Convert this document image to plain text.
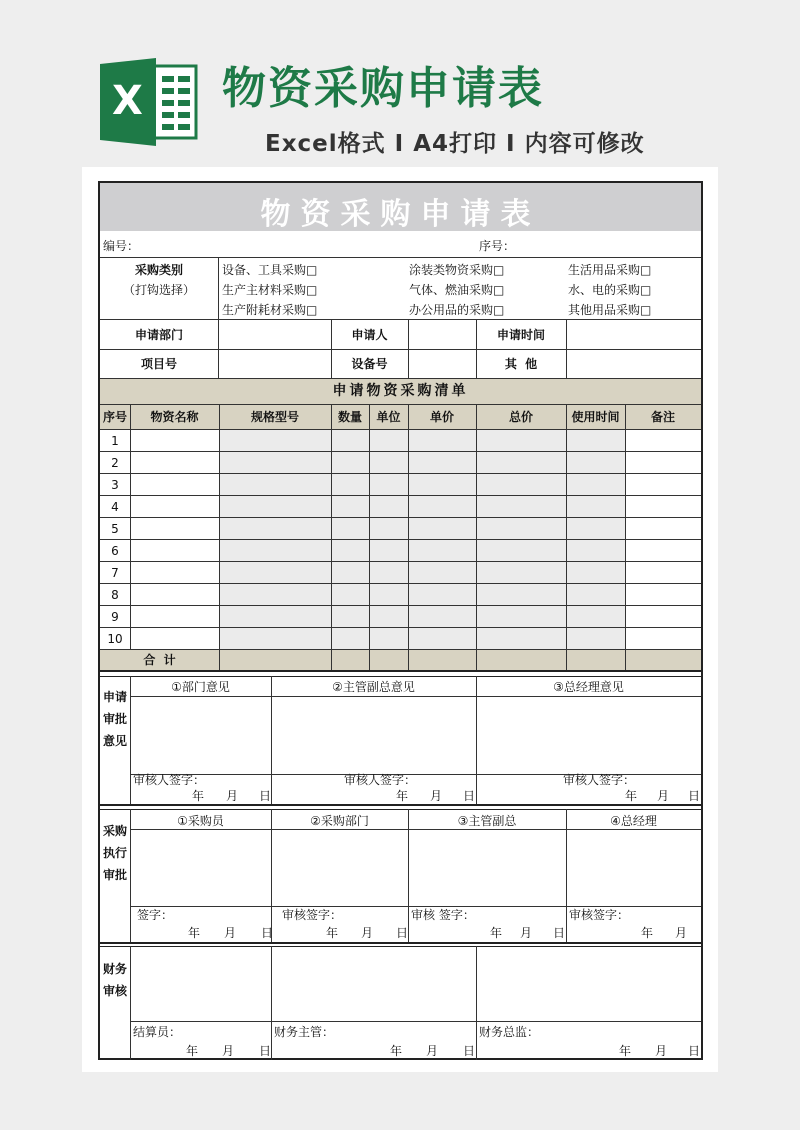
X 物资采购申请表
Excel格式 Ⅰ A4打印 Ⅰ 内容可修改
物资采购申请表
编号：	序号：
采购类别
（打钩选择）
设备、工具采购□	涂装类物资采购□	生活用品采购□
生产主材料采购□	气体、燃油采购□	水、电的采购□
生产附耗材采购□	办公用品的采购□	其他用品采购□
申请部门	申请人	申请时间
项目号	设备号	其  他
申请物资采购清单
序号	物资名称	规格型号	数量	单位	单价	总价	使用时间	备注
1
2
3
4
5
6
7
8
9
10
合  计
申请审批意见
①部门意见	②主管副总意见	③总经理意见
审核人签字：	审核人签字：	审核人签字：
年 月 日	年 月 日	年 月 日
采购执行审批
①采购员	②采购部门	③主管副总	④总经理
签字：	审核签字：	审核 签字：	审核签字：
年 月 日	年 月 日	年 月 日	年 月
财务审核
结算员：	财务主管：	财务总监：
年 月 日	年 月 日	年 月 日
